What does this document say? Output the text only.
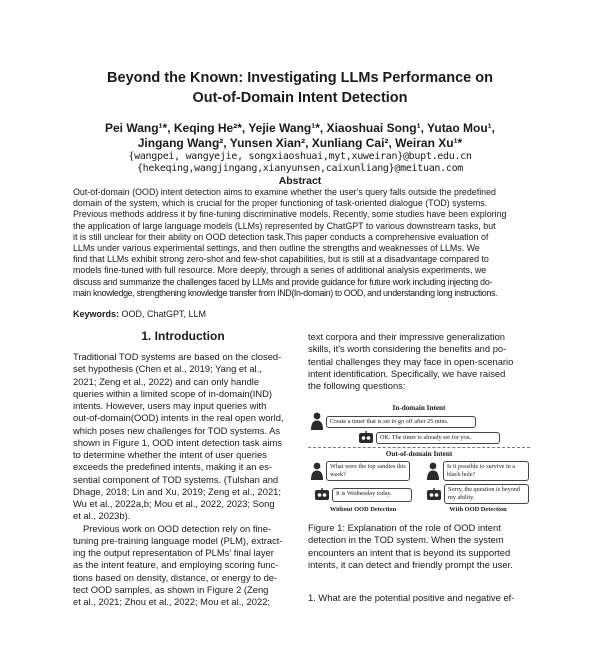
Beyond the Known: Investigating LLMs Performance on
Out-of-Domain Intent Detection
Pei Wang¹*, Keqing He²*, Yejie Wang¹*, Xiaoshuai Song¹, Yutao Mou¹,
Jingang Wang², Yunsen Xian², Xunliang Cai², Weiran Xu¹*
{wangpei, wangyejie, songxiaoshuai,myt,xuweiran}@bupt.edu.cn
{hekeqing,wangjingang,xianyunsen,caixunliang}@meituan.com
Abstract
Out-of-domain (OOD) intent detection aims to examine whether the user's query falls outside the predefined
domain of the system, which is crucial for the proper functioning of task-oriented dialogue (TOD) systems.
Previous methods address it by fine-tuning discriminative models. Recently, some studies have been exploring
the application of large language models (LLMs) represented by ChatGPT to various downstream tasks, but
it is still unclear for their ability on OOD detection task.This paper conducts a comprehensive evaluation of
LLMs under various experimental settings, and then outline the strengths and weaknesses of LLMs. We
find that LLMs exhibit strong zero-shot and few-shot capabilities, but is still at a disadvantage compared to
models fine-tuned with full resource. More deeply, through a series of additional analysis experiments, we
discuss and summarize the challenges faced by LLMs and provide guidance for future work including injecting do-
main knowledge, strengthening knowledge transfer from IND(In-domain) to OOD, and understanding long instructions.
Keywords: OOD, ChatGPT, LLM
1. Introduction
Traditional TOD systems are based on the closed-
set hypothesis (Chen et al., 2019; Yang et al.,
2021; Zeng et al., 2022) and can only handle
queries within a limited scope of in-domain(IND)
intents. However, users may input queries with
out-of-domain(OOD) intents in the real open world,
which poses new challenges for TOD systems. As
shown in Figure 1, OOD intent detection task aims
to determine whether the intent of user queries
exceeds the predefined intents, making it an es-
sential component of TOD systems. (Tulshan and
Dhage, 2018; Lin and Xu, 2019; Zeng et al., 2021;
Wu et al., 2022a,b; Mou et al., 2022, 2023; Song
et al., 2023b).
Previous work on OOD detection rely on fine-
tuning pre-training language model (PLM), extract-
ing the output representation of PLMs' final layer
as the intent feature, and employing scoring func-
tions based on density, distance, or energy to de-
tect OOD samples, as shown in Figure 2 (Zeng
et al., 2021; Zhou et al., 2022; Mou et al., 2022;
text corpora and their impressive generalization
skills, it's worth considering the benefits and po-
tential challenges they may face in open-scenario
intent identification. Specifically, we have raised
the following questions:
In-domain Intent
Create a timer that is set to go off after 25 mins.
OK. The timer is already set for you.
Out-of-domain Intent
What were the top sandies this week?
It is Wednesday today.
Is it possible to survive in a black hole?
Sorry, the question is beyond my ability.
Without OOD Detection	With OOD Detection
Figure 1: Explanation of the role of OOD intent
detection in the TOD system. When the system
encounters an intent that is beyond its supported
intents, it can detect and friendly prompt the user.
1. What are the potential positive and negative ef-
